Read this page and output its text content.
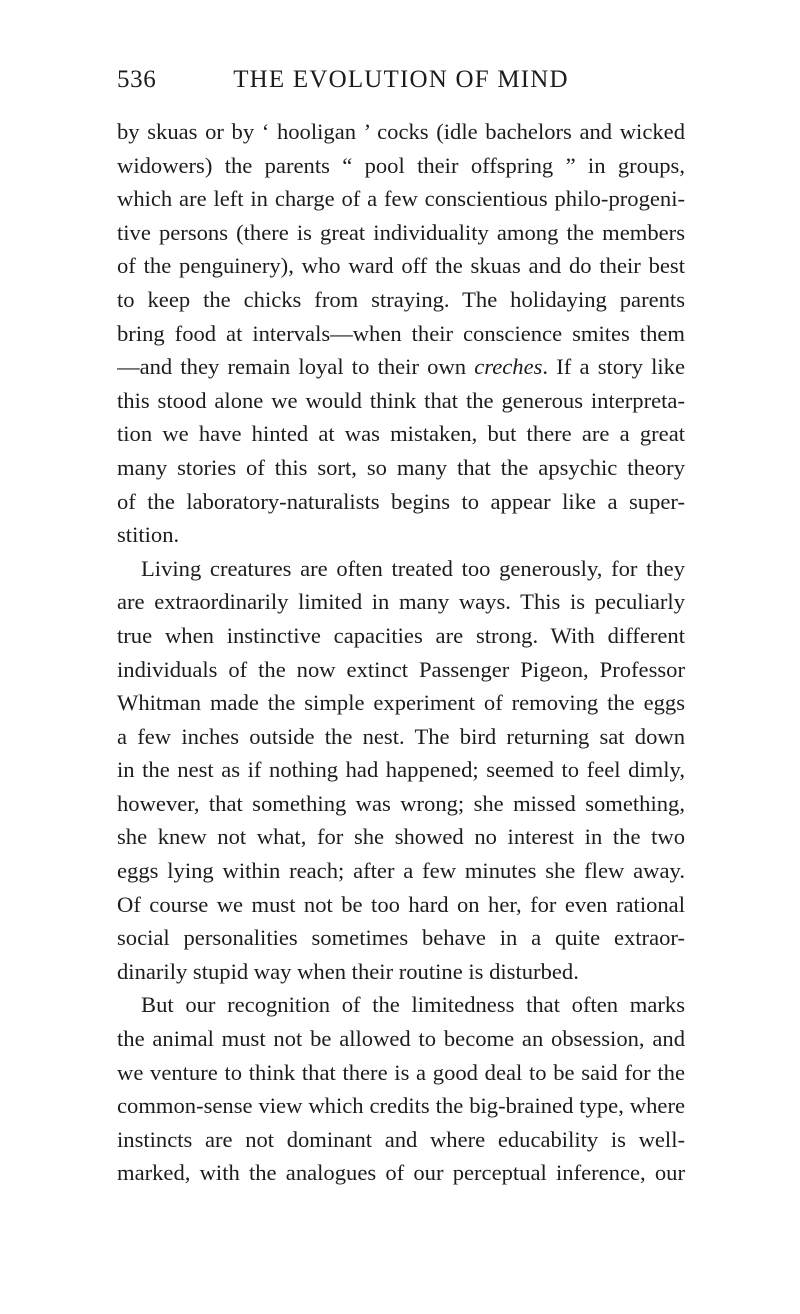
536	THE EVOLUTION OF MIND
by skuas or by ‘ hooligan ’ cocks (idle bachelors and wicked
widowers) the parents “ pool their offspring ” in groups,
which are left in charge of a few conscientious philo-progeni-
tive persons (there is great individuality among the members
of the penguinery), who ward off the skuas and do their best
to keep the chicks from straying. The holidaying parents
bring food at intervals—when their conscience smites them
—and they remain loyal to their own creches. If a story like
this stood alone we would think that the generous interpreta-
tion we have hinted at was mistaken, but there are a great
many stories of this sort, so many that the apsychic theory
of the laboratory-naturalists begins to appear like a super-
stition.
Living creatures are often treated too generously, for they
are extraordinarily limited in many ways. This is peculiarly
true when instinctive capacities are strong. With different
individuals of the now extinct Passenger Pigeon, Professor
Whitman made the simple experiment of removing the eggs
a few inches outside the nest. The bird returning sat down
in the nest as if nothing had happened; seemed to feel dimly,
however, that something was wrong; she missed something,
she knew not what, for she showed no interest in the two
eggs lying within reach; after a few minutes she flew away.
Of course we must not be too hard on her, for even rational
social personalities sometimes behave in a quite extraor-
dinarily stupid way when their routine is disturbed.
But our recognition of the limitedness that often marks
the animal must not be allowed to become an obsession, and
we venture to think that there is a good deal to be said for the
common-sense view which credits the big-brained type, where
instincts are not dominant and where educability is well-
marked, with the analogues of our perceptual inference, our
